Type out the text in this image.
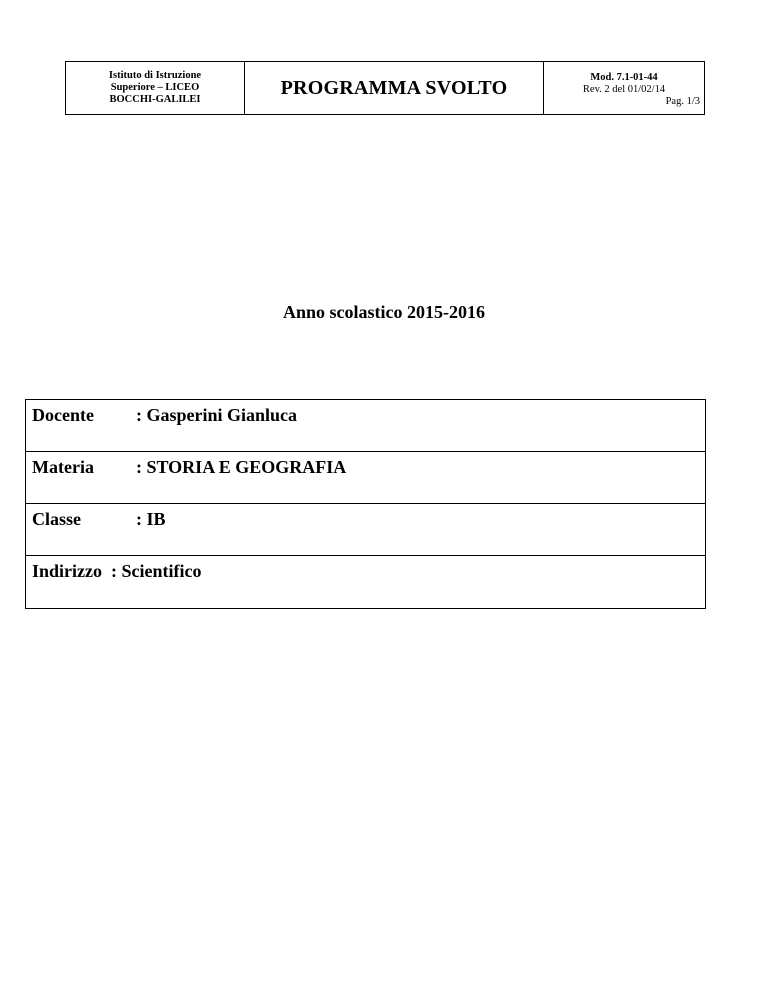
Istituto di Istruzione
Superiore – LICEO
BOCCHI-GALILEI
	PROGRAMMA SVOLTO	Mod. 7.1-01-44
Rev. 2 del 01/02/14
Pag. 1/3
Anno scolastico 2015-2016
Docente	: Gasperini Gianluca
Materia	: STORIA E GEOGRAFIA
Classe	: IB
Indirizzo : Scientifico	
